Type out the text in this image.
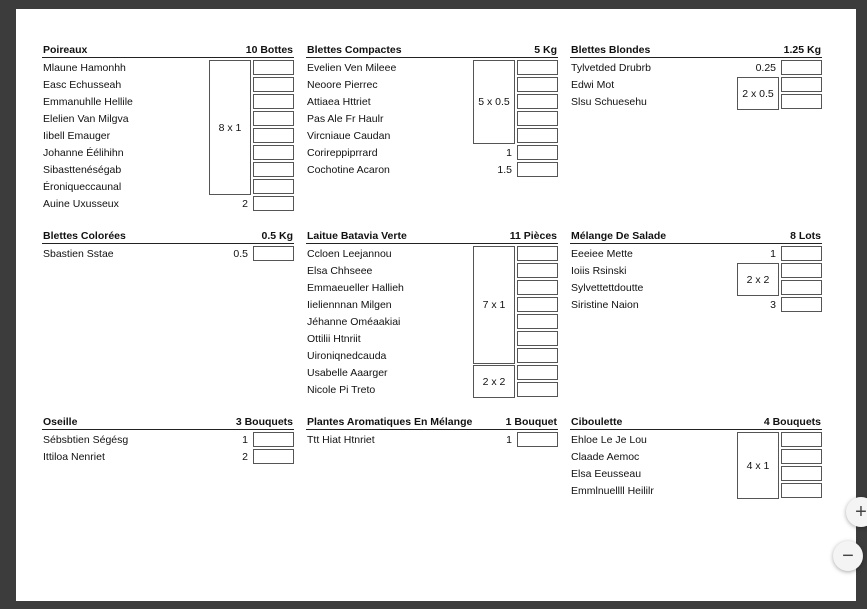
Poireaux	10 Bottes
Mlaune Hamonhh
Easc Echusseah
Emmanuhlle Hellile
Elelien Van Milgva
Iibell Emauger
Johanne Éélihihn
Sibasttenéségab
Éroniqueccaunal
Auine Uxusseux	2
8 x 1
Blettes Compactes	5 Kg
Evelien Ven Mileee
Neoore Pierrec
Attiaea Httriet
Pas Ale Fr Haulr
Vircniaue Caudan
Corireppiprrard	1
Cochotine Acaron	1.5
5 x 0.5
Blettes Blondes	1.25 Kg
Tylvetded Drubrb	0.25
Edwi Mot
Slsu Schuesehu
2 x 0.5
Blettes Colorées	0.5 Kg
Sbastien Sstae	0.5
Laitue Batavia Verte	11 Pièces
Ccloen Leejannou
Elsa Chhseee
Emmaeueller Hallieh
Iieliennnan Milgen
Jéhanne Oméaakiai
Ottilii Htnriit
Uironiqnedcauda
Usabelle Aaarger
Nicole Pi Treto
7 x 1
2 x 2
Mélange De Salade	8 Lots
Eeeiee Mette	1
Ioiis Rsinski
Sylvettettdoutte
Siristine Naion	3
2 x 2
Oseille	3 Bouquets
Sébsbtien Ségésg	1
Ittiloa Nenriet	2
Plantes Aromatiques En Mélange	1 Bouquet
Ttt Hiat Htnriet	1
Ciboulette	4 Bouquets
Ehloe Le Je Lou
Claade Aemoc
Elsa Eeusseau
Emmlnuellll Heililr
4 x 1
+
−
